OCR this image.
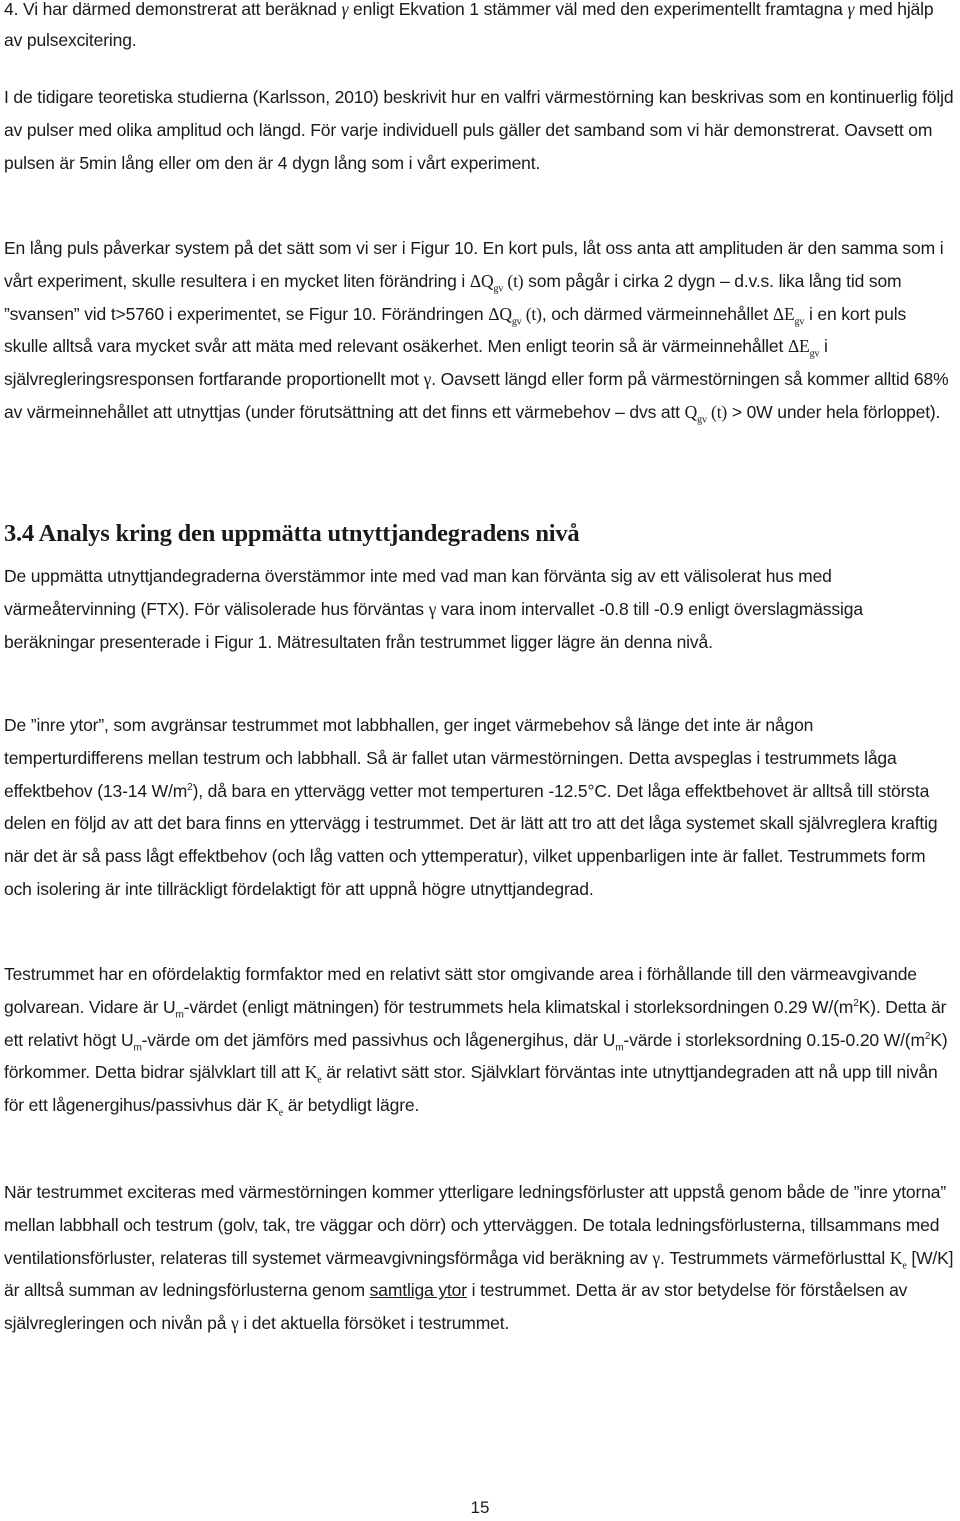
4. Vi har därmed demonstrerat att beräknad γ enligt Ekvation 1 stämmer väl med den experimentellt framtagna γ med hjälp av pulsexcitering.

I de tidigare teoretiska studierna (Karlsson, 2010) beskrivit hur en valfri värmestörning kan beskrivas som en kontinuerlig följd av pulser med olika amplitud och längd. För varje individuell puls gäller det samband som vi här demonstrerat. Oavsett om pulsen är 5min lång eller om den är 4 dygn lång som i vårt experiment.

En lång puls påverkar system på det sätt som vi ser i Figur 10. En kort puls, låt oss anta att amplituden är den samma som i vårt experiment, skulle resultera i en mycket liten förändring i $\Delta Q_{gv}$ (t) som pågår i cirka 2 dygn – d.v.s. lika lång tid som ”svansen” vid t>5760 i experimentet, se Figur 10. Förändringen $\Delta Q_{gv}$ (t), och därmed värmeinnehållet $\Delta E_{gv}$ i en kort puls skulle alltså vara mycket svår att mäta med relevant osäkerhet. Men enligt teorin så är värmeinnehållet $\Delta E_{gv}$ i självregleringsresponsen fortfarande proportionellt mot γ. Oavsett längd eller form på värmestörningen så kommer alltid 68% av värmeinnehållet att utnyttjas (under förutsättning att det finns ett värmebehov – dvs att $Q_{gv}$ (t) > 0W under hela förloppet).

3.4 Analys kring den uppmätta utnyttjandegradens nivå

De uppmätta utnyttjandegraderna överstämmor inte med vad man kan förvänta sig av ett välisolerat hus med värmeåtervinning (FTX). För välisolerade hus förväntas γ vara inom intervallet -0.8 till -0.9 enligt överslagmässiga beräkningar presenterade i Figur 1. Mätresultaten från testrummet ligger lägre än denna nivå.

De ”inre ytor”, som avgränsar testrummet mot labbhallen, ger inget värmebehov så länge det inte är någon temperturdifferens mellan testrum och labbhall. Så är fallet utan värmestörningen. Detta avspeglas i testrummets låga effektbehov (13-14 $W/m^2$), då bara en yttervägg vetter mot temperturen -12.5°C. Det låga effektbehovet är alltså till största delen en följd av att det bara finns en yttervägg i testrummet. Det är lätt att tro att det låga systemet skall självreglera kraftig när det är så pass lågt effektbehov (och låg vatten och yttemperatur), vilket uppenbarligen inte är fallet. Testrummets form och isolering är inte tillräckligt fördelaktigt för att uppnå högre utnyttjandegrad.

Testrummet har en ofördelaktig formfaktor med en relativt sätt stor omgivande area i förhållande till den värmeavgivande golvarean. Vidare är $U_m$-värdet (enligt mätningen) för testrummets hela klimatskal i storleksordningen 0.29 $W/(m^2K)$. Detta är ett relativt högt $U_m$-värde om det jämförs med passivhus och lågenergihus, där $U_m$-värde i storleksordning 0.15-0.20 $W/(m^2K)$ förkommer. Detta bidrar självklart till att $K_e$ är relativt sätt stor. Självklart förväntas inte utnyttjandegraden att nå upp till nivån för ett lågenergihus/passivhus där $K_e$ är betydligt lägre.

När testrummet exciteras med värmestörningen kommer ytterligare ledningsförluster att uppstå genom både de ”inre ytorna” mellan labbhall och testrum (golv, tak, tre väggar och dörr) och ytterväggen. De totala ledningsförlusterna, tillsammans med ventilationsförluster, relateras till systemet värmeavgivningsförmåga vid beräkning av γ. Testrummets värmeförlusttal $K_e$ [W/K] är alltså summan av ledningsförlusterna genom samtliga ytor i testrummet. Detta är av stor betydelse för förståelsen av självregleringen och nivån på γ i det aktuella försöket i testrummet.

15
